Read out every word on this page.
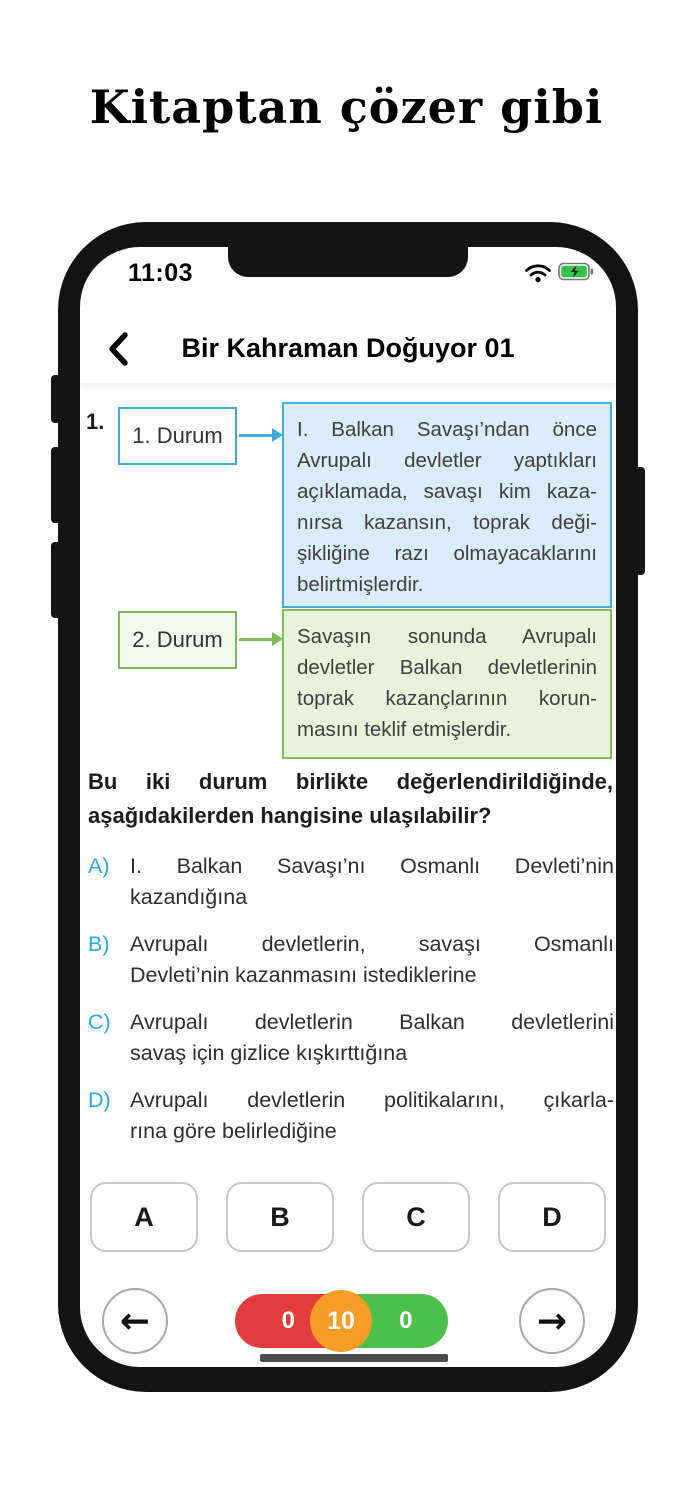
Kitaptan çözer gibi
11:03
Bir Kahraman Doğuyor 01
1.
1. Durum	I. Balkan Savaşı’ndan önce
Avrupalı devletler yaptıkları
açıklamada, savaşı kim kaza-
nırsa kazansın, toprak deği-
şikliğine razı olmayacaklarını
belirtmişlerdir.
2. Durum	Savaşın sonunda Avrupalı
devletler Balkan devletlerinin
toprak kazançlarının korun-
masını teklif etmişlerdir.
Bu iki durum birlikte değerlendirildiğinde,
aşağıdakilerden hangisine ulaşılabilir?
A) I. Balkan Savaşı’nı Osmanlı Devleti’nin
kazandığına
B) Avrupalı devletlerin, savaşı Osmanlı
Devleti’nin kazanmasını istediklerine
C) Avrupalı devletlerin Balkan devletlerini
savaş için gizlice kışkırttığına
D) Avrupalı devletlerin politikalarını, çıkarla-
rına göre belirlediğine
A	B	C	D
←	0	0
10	→
